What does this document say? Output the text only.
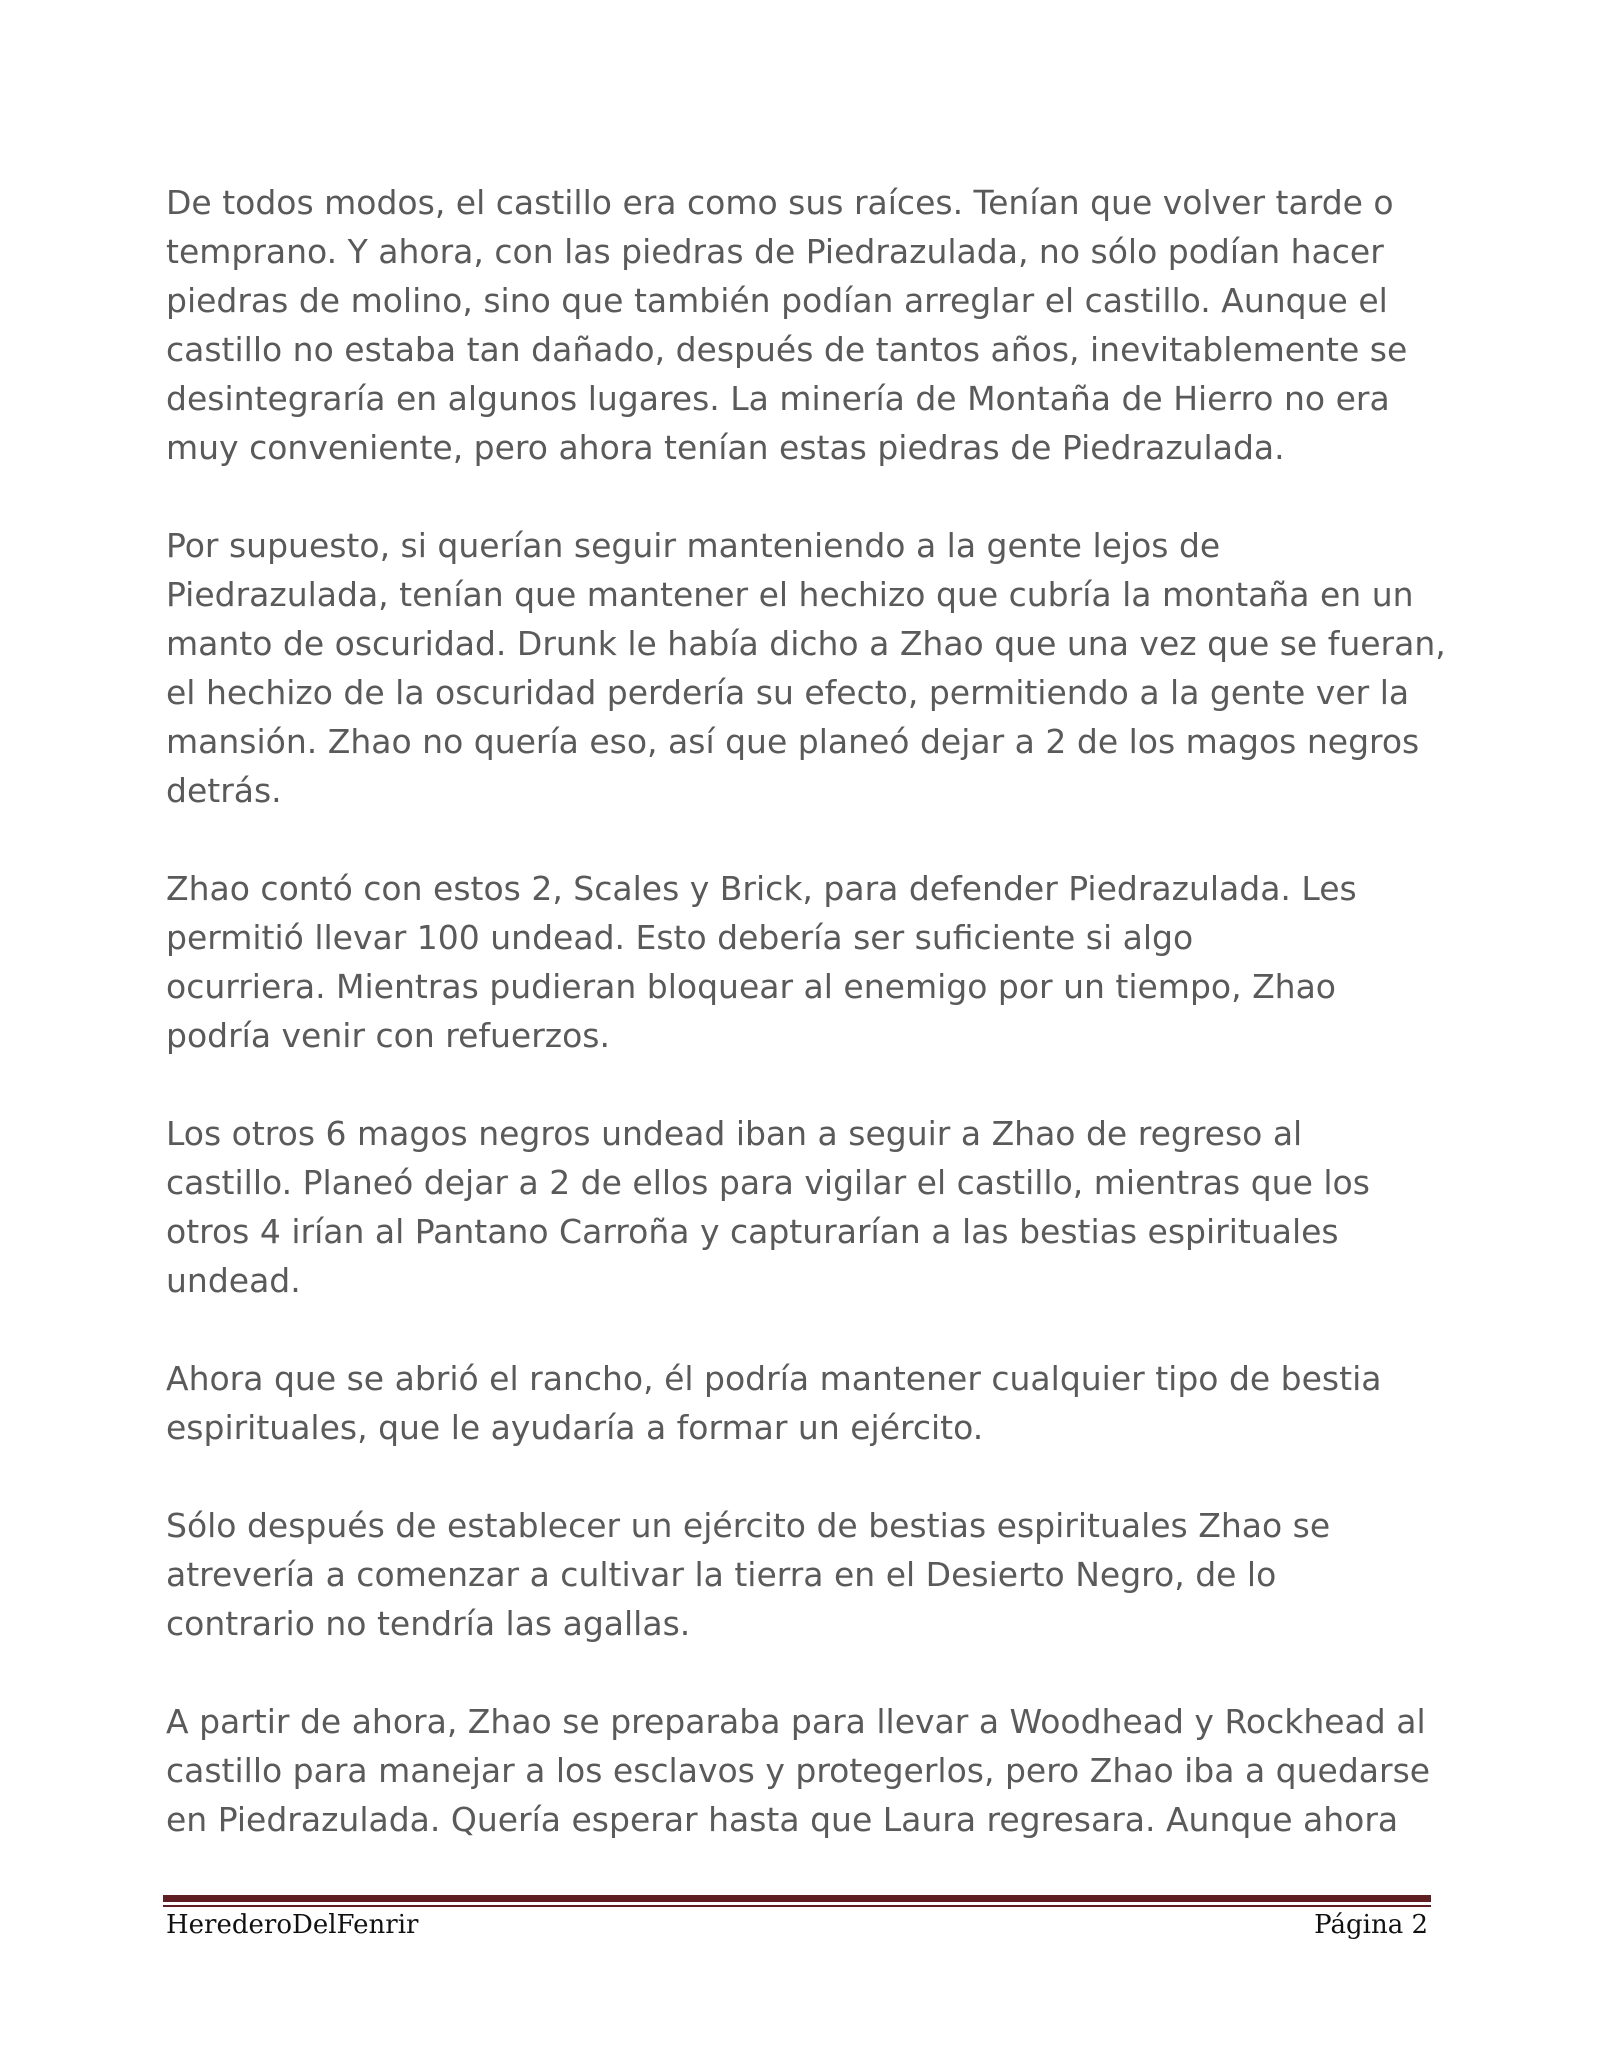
De todos modos, el castillo era como sus raíces. Tenían que volver tarde o
temprano. Y ahora, con las piedras de Piedrazulada, no sólo podían hacer
piedras de molino, sino que también podían arreglar el castillo. Aunque el
castillo no estaba tan dañado, después de tantos años, inevitablemente se
desintegraría en algunos lugares. La minería de Montaña de Hierro no era
muy conveniente, pero ahora tenían estas piedras de Piedrazulada.

Por supuesto, si querían seguir manteniendo a la gente lejos de
Piedrazulada, tenían que mantener el hechizo que cubría la montaña en un
manto de oscuridad. Drunk le había dicho a Zhao que una vez que se fueran,
el hechizo de la oscuridad perdería su efecto, permitiendo a la gente ver la
mansión. Zhao no quería eso, así que planeó dejar a 2 de los magos negros
detrás.

Zhao contó con estos 2, Scales y Brick, para defender Piedrazulada. Les
permitió llevar 100 undead. Esto debería ser suficiente si algo
ocurriera. Mientras pudieran bloquear al enemigo por un tiempo, Zhao
podría venir con refuerzos.

Los otros 6 magos negros undead iban a seguir a Zhao de regreso al
castillo. Planeó dejar a 2 de ellos para vigilar el castillo, mientras que los
otros 4 irían al Pantano Carroña y capturarían a las bestias espirituales
undead.

Ahora que se abrió el rancho, él podría mantener cualquier tipo de bestia
espirituales, que le ayudaría a formar un ejército.

Sólo después de establecer un ejército de bestias espirituales Zhao se
atrevería a comenzar a cultivar la tierra en el Desierto Negro, de lo
contrario no tendría las agallas.

A partir de ahora, Zhao se preparaba para llevar a Woodhead y Rockhead al
castillo para manejar a los esclavos y protegerlos, pero Zhao iba a quedarse
en Piedrazulada. Quería esperar hasta que Laura regresara. Aunque ahora

HerederoDelFenrir	Página 2
